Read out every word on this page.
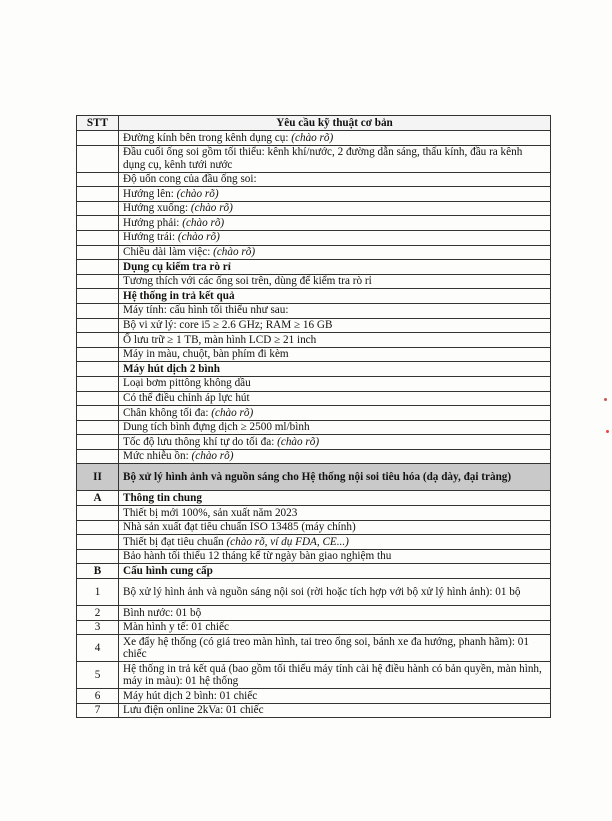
STT	Yêu cầu kỹ thuật cơ bản
	Đường kính bên trong kênh dụng cụ: (chào rõ)
	Đầu cuối ống soi gồm tối thiểu: kênh khí/nước, 2 đường dẫn sáng, thấu kính, đầu ra kênh dụng cụ, kênh tưới nước
	Độ uốn cong của đầu ống soi:
	Hướng lên: (chào rõ)
	Hướng xuống: (chào rõ)
	Hướng phải: (chào rõ)
	Hướng trái: (chào rõ)
	Chiều dài làm việc: (chào rõ)
	Dụng cụ kiểm tra rò rỉ
	Tương thích với các ống soi trên, dùng để kiểm tra rò rỉ
	Hệ thống in trả kết quả
	Máy tính: cấu hình tối thiểu như sau:
	Bộ vi xử lý: core i5 ≥ 2.6 GHz; RAM ≥ 16 GB
	Ổ lưu trữ ≥ 1 TB, màn hình LCD ≥ 21 inch
	Máy in màu, chuột, bàn phím đi kèm
	Máy hút dịch 2 bình
	Loại bơm pittông không dầu
	Có thể điều chỉnh áp lực hút
	Chân không tối đa: (chào rõ)
	Dung tích bình đựng dịch ≥ 2500 ml/bình
	Tốc độ lưu thông khí tự do tối đa: (chào rõ)
	Mức nhiễu ồn: (chào rõ)
II	Bộ xử lý hình ảnh và nguồn sáng cho Hệ thống nội soi tiêu hóa (dạ dày, đại tràng)
A	Thông tin chung
	Thiết bị mới 100%, sản xuất năm 2023
	Nhà sản xuất đạt tiêu chuẩn ISO 13485 (máy chính)
	Thiết bị đạt tiêu chuẩn (chào rõ, ví dụ FDA, CE...)
	Bảo hành tối thiểu 12 tháng kể từ ngày bàn giao nghiệm thu
B	Cấu hình cung cấp
1	Bộ xử lý hình ảnh và nguồn sáng nội soi (rời hoặc tích hợp với bộ xử lý hình ảnh): 01 bộ
2	Bình nước: 01 bộ
3	Màn hình y tế: 01 chiếc
4	Xe đẩy hệ thống (có giá treo màn hình, tai treo ống soi, bánh xe đa hướng, phanh hãm): 01 chiếc
5	Hệ thống in trả kết quả (bao gồm tối thiểu máy tính cài hệ điều hành có bản quyền, màn hình, máy in màu): 01 hệ thống
6	Máy hút dịch 2 bình: 01 chiếc
7	Lưu điện online 2kVa: 01 chiếc
